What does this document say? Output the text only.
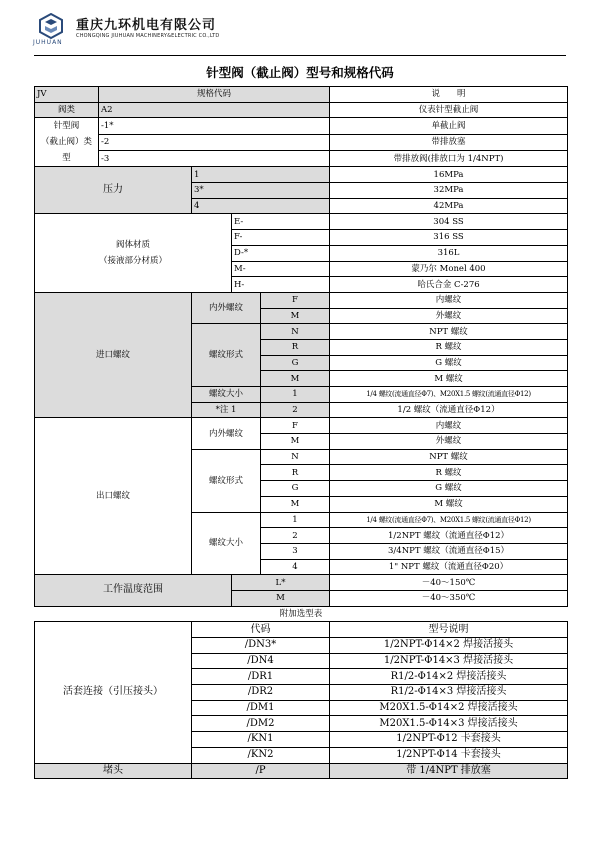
JUHUAN
重庆九环机电有限公司
CHONGQING JIUHUAN MACHINERY&ELECTRIC CO.,LTD
针型阀（截止阀）型号和规格代码
JV	规格代码				说　　明
阀类	A2				仪表针型截止阀
针型阀
（截止阀）类型	-1*				单截止阀
	-2				带排放塞
	-3				带排放阀(排放口为 1/4NPT)
压力		1			16MPa
		3*			32MPa
		4			42MPa
阀体材质
（接液部分材质）			E-		304 SS
			F-		316 SS
			D-*		316L
			M-		蒙乃尔 Monel 400
			H-		哈氏合金 C-276
进口螺纹		内外螺纹		F	内螺纹
				M	外螺纹
		螺纹形式		N	NPT 螺纹
				R	R 螺纹
				G	G 螺纹
				M	M 螺纹
		螺纹大小		1	1/4 螺纹(流通直径Φ7)、M20X1.5 螺纹(流通直径Φ12)
		*注 1		2	1/2 螺纹（流通直径Φ12）
出口螺纹		内外螺纹		F	内螺纹
				M	外螺纹
		螺纹形式		N	NPT 螺纹
				R	R 螺纹
				G	G 螺纹
				M	M 螺纹
		螺纹大小		1	1/4 螺纹(流通直径Φ7)、M20X1.5 螺纹(流通直径Φ12)
				2	1/2NPT 螺纹（流通直径Φ12）
				3	3/4NPT 螺纹（流通直径Φ15）
				4	1" NPT 螺纹（流通直径Φ20）
工作温度范围			L*		－40～150℃
			M		－40～350℃
附加选型表					
活套连接（引压接头）		代码			型号说明
		/DN3*			1/2NPT-Φ14×2 焊接活接头
		/DN4			1/2NPT-Φ14×3 焊接活接头
		/DR1			R1/2-Φ14×2 焊接活接头
		/DR2			R1/2-Φ14×3 焊接活接头
		/DM1			M20X1.5-Φ14×2 焊接活接头
		/DM2			M20X1.5-Φ14×3 焊接活接头
		/KN1			1/2NPT-Φ12 卡套接头
		/KN2			1/2NPT-Φ14 卡套接头
堵头		/P			带 1/4NPT 排放塞
